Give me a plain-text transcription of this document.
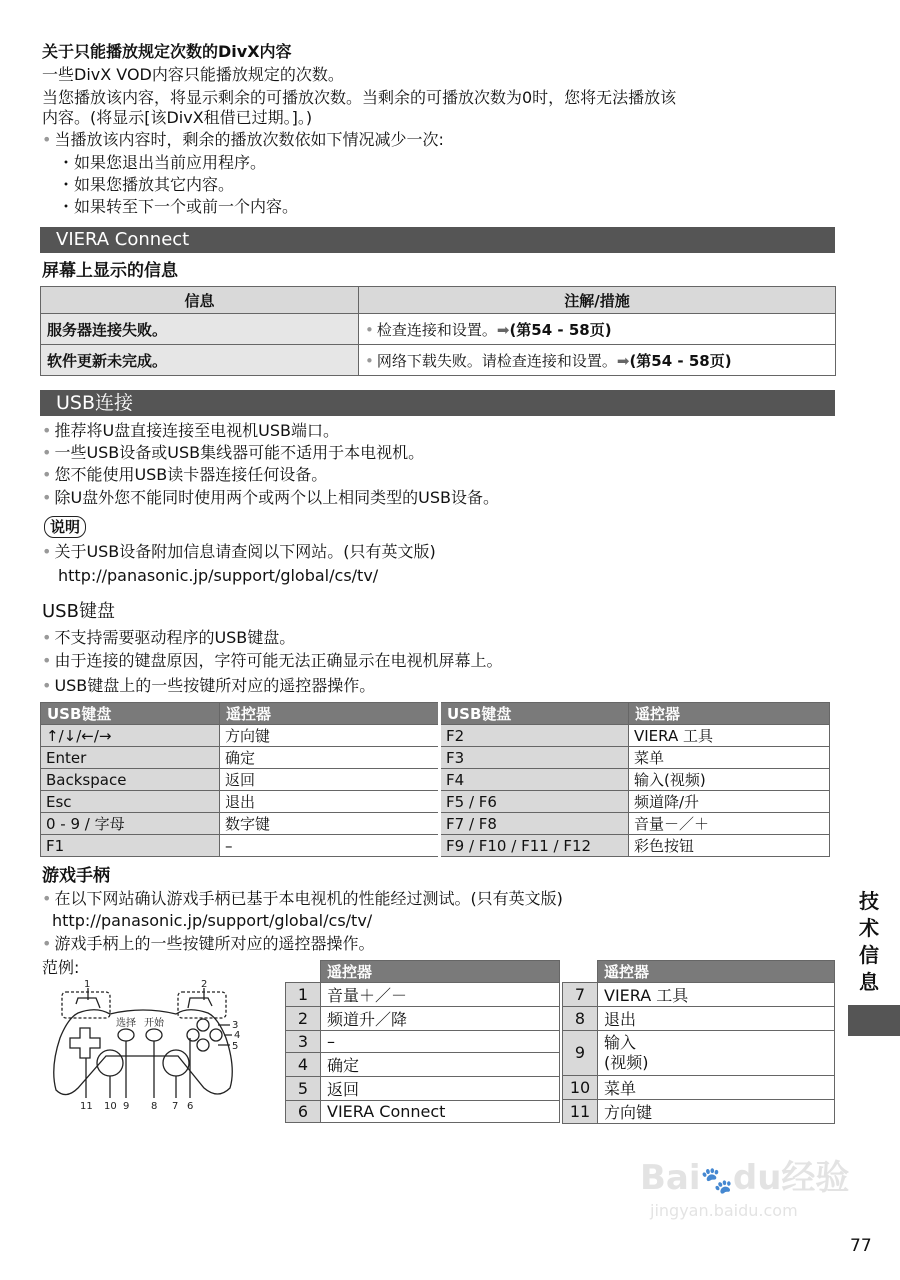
关于只能播放规定次数的DivX内容
一些DivX VOD内容只能播放规定的次数。
当您播放该内容，将显示剩余的可播放次数。当剩余的可播放次数为0时，您将无法播放该
内容。(将显示[该DivX租借已过期。]。)
• 当播放该内容时，剩余的播放次数依如下情况减少一次:
・如果您退出当前应用程序。
・如果您播放其它内容。
・如果转至下一个或前一个内容。
VIERA Connect
屏幕上显示的信息
信息	注解/措施
服务器连接失败。	• 检查连接和设置。➡(第54 - 58页)
软件更新未完成。	• 网络下载失败。请检查连接和设置。➡(第54 - 58页)
USB连接
• 推荐将U盘直接连接至电视机USB端口。
• 一些USB设备或USB集线器可能不适用于本电视机。
• 您不能使用USB读卡器连接任何设备。
• 除U盘外您不能同时使用两个或两个以上相同类型的USB设备。
说明
• 关于USB设备附加信息请查阅以下网站。(只有英文版)
http://panasonic.jp/support/global/cs/tv/
USB键盘
• 不支持需要驱动程序的USB键盘。
• 由于连接的键盘原因，字符可能无法正确显示在电视机屏幕上。
• USB键盘上的一些按键所对应的遥控器操作。
USB键盘	遥控器	USB键盘	遥控器
↑/↓/←/→	方向键	F2	VIERA 工具
Enter	确定	F3	菜单
Backspace	返回	F4	输入(视频)
Esc	退出	F5 / F6	频道降/升
0 - 9 / 字母	数字键	F7 / F8	音量－／＋
F1	–	F9 / F10 / F11 / F12	彩色按钮
游戏手柄
• 在以下网站确认游戏手柄已基于本电视机的性能经过测试。(只有英文版)
http://panasonic.jp/support/global/cs/tv/
• 游戏手柄上的一些按键所对应的遥控器操作。
范例:
1	2
3
4
5
11 10 9 8 7 6
选择 开始
	遥控器
1	音量＋／－
2	频道升／降
3	–
4	确定
5	返回
6	VIERA Connect
	遥控器
7	VIERA 工具
8	退出
9	输入
(视频)
10	菜单
11	方向键
技术信息
Bai🐾du经验
jingyan.baidu.com
77
